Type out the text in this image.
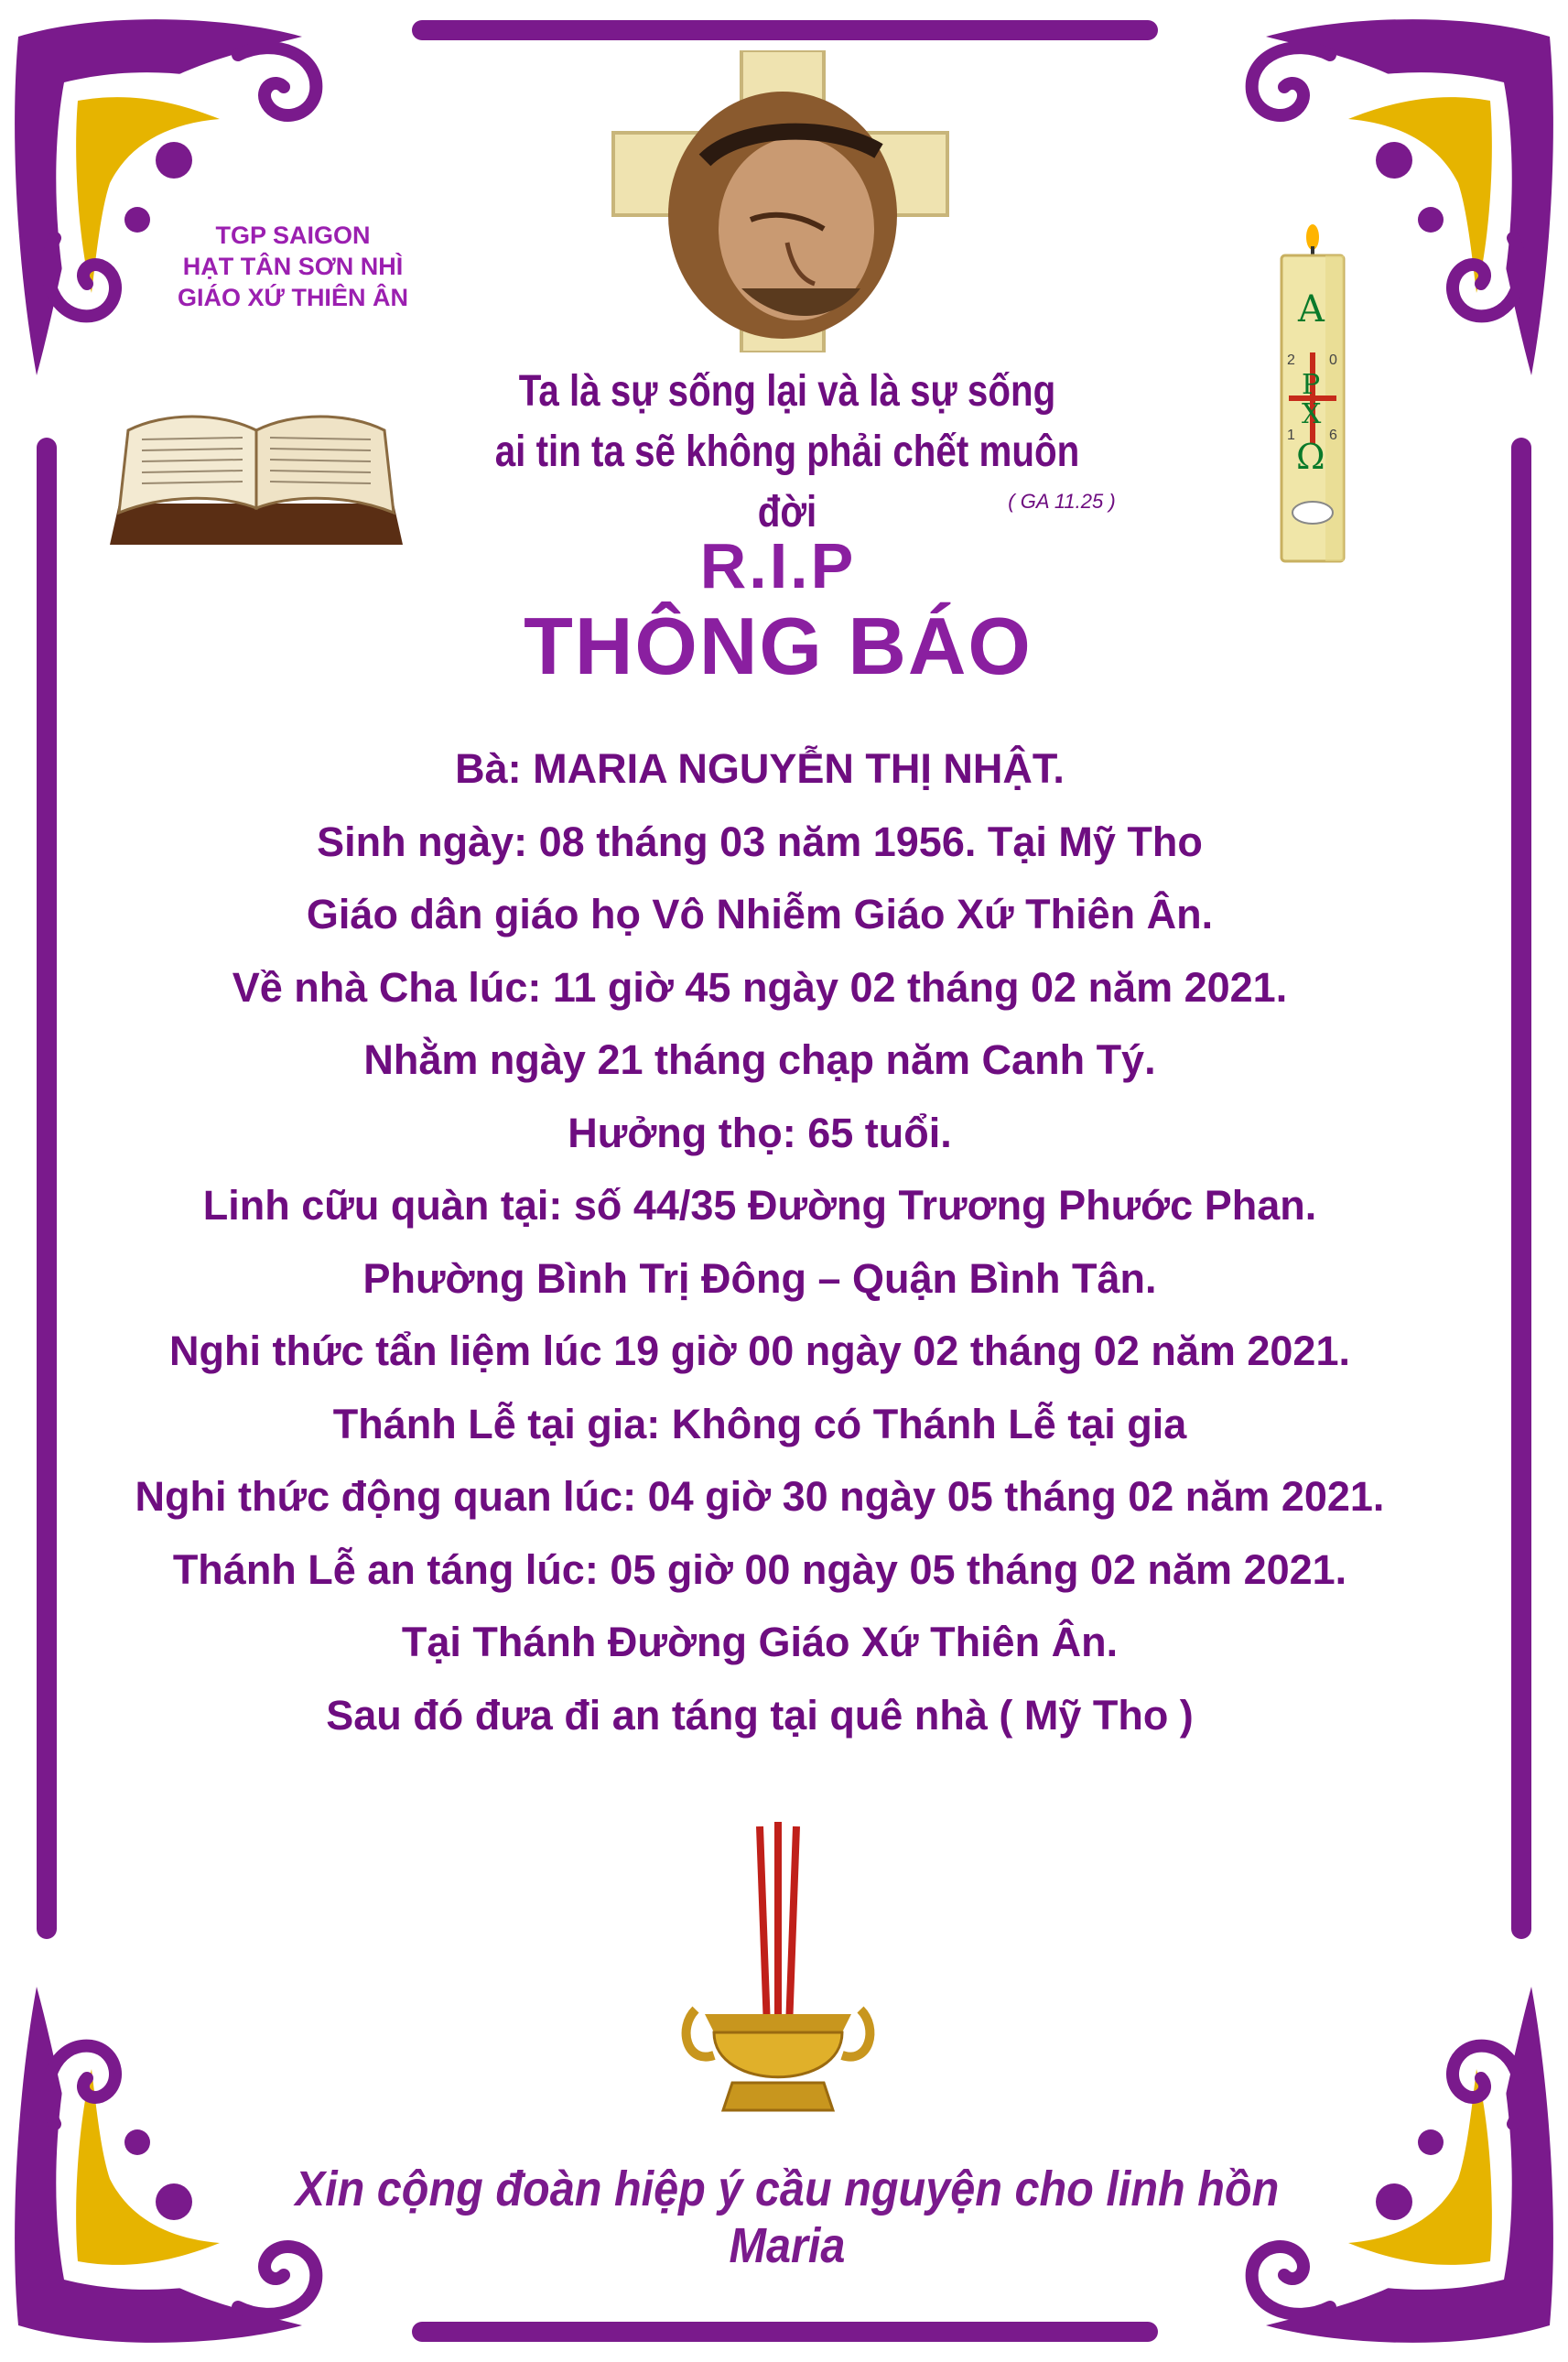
TGP SAIGON
HẠT TÂN SƠN NHÌ
GIÁO XỨ THIÊN ÂN	A
P
X
Ω
2 0
1 6
Ta là sự sống lại và là sự sống
ai tin ta sẽ không phải chết muôn đời	( GA 11.25 )
R.I.P
THÔNG BÁO
Bà: MARIA NGUYỄN THỊ NHẬT.
Sinh ngày: 08 tháng 03 năm 1956. Tại Mỹ Tho
Giáo dân giáo họ Vô Nhiễm Giáo Xứ Thiên Ân.
Về nhà Cha lúc: 11 giờ 45 ngày 02 tháng 02 năm 2021.
Nhằm ngày 21 tháng chạp năm Canh Tý.
Hưởng thọ: 65 tuổi.
Linh cữu quàn tại: số 44/35 Đường Trương Phước Phan.
Phường Bình Trị Đông – Quận Bình Tân.
Nghi thức tẩn liệm lúc 19 giờ 00 ngày 02 tháng 02 năm 2021.
Thánh Lễ tại gia: Không có Thánh Lễ tại gia
Nghi thức động quan lúc: 04 giờ 30 ngày 05 tháng 02 năm 2021.
Thánh Lễ an táng lúc: 05 giờ 00 ngày 05 tháng 02 năm 2021.
Tại Thánh Đường Giáo Xứ Thiên Ân.
Sau đó đưa đi an táng tại quê nhà ( Mỹ Tho )
Xin cộng đoàn hiệp ý cầu nguyện cho linh hồn Maria
